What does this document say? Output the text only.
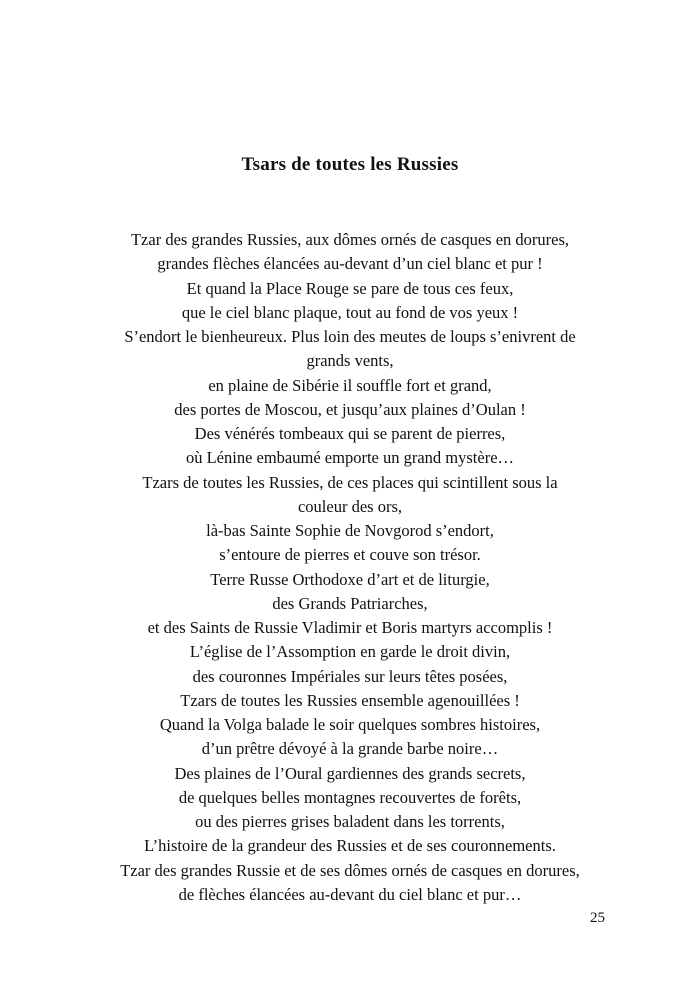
Tsars de toutes les Russies
Tzar des grandes Russies, aux dômes ornés de casques en dorures,
grandes flèches élancées au-devant d’un ciel blanc et pur !
Et quand la Place Rouge se pare de tous ces feux,
que le ciel blanc plaque, tout au fond de vos yeux !
S’endort le bienheureux. Plus loin des meutes de loups s’enivrent de
grands vents,
en plaine de Sibérie il souffle fort et grand,
des portes de Moscou, et jusqu’aux plaines d’Oulan !
Des vénérés tombeaux qui se parent de pierres,
où Lénine embaumé emporte un grand mystère…
Tzars de toutes les Russies, de ces places qui scintillent sous la
couleur des ors,
là-bas Sainte Sophie de Novgorod s’endort,
s’entoure de pierres et couve son trésor.
Terre Russe Orthodoxe d’art et de liturgie,
des Grands Patriarches,
et des Saints de Russie Vladimir et Boris martyrs accomplis !
L’église de l’Assomption en garde le droit divin,
des couronnes Impériales sur leurs têtes posées,
Tzars de toutes les Russies ensemble agenouillées !
Quand la Volga balade le soir quelques sombres histoires,
d’un prêtre dévoyé à la grande barbe noire…
Des plaines de l’Oural gardiennes des grands secrets,
de quelques belles montagnes recouvertes de forêts,
ou des pierres grises baladent dans les torrents,
L’histoire de la grandeur des Russies et de ses couronnements.
Tzar des grandes Russie et de ses dômes ornés de casques en dorures,
de flèches élancées au-devant du ciel blanc et pur…
25
